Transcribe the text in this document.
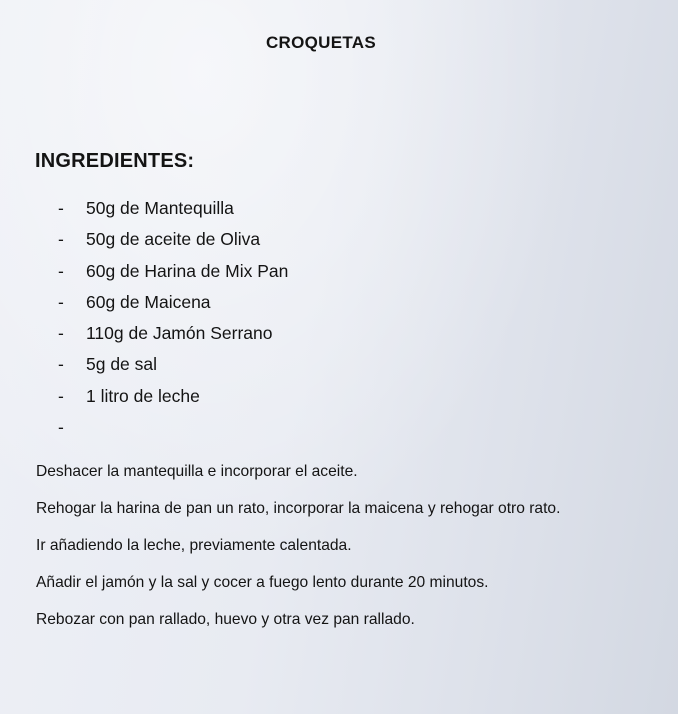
CROQUETAS
INGREDIENTES:
-	50g de Mantequilla
-	50g de aceite de Oliva
-	60g de Harina de Mix Pan
-	60g de Maicena
-	110g de Jamón Serrano
-	5g de sal
-	1 litro de leche
-

Deshacer la mantequilla e incorporar el aceite.

Rehogar la harina de pan un rato, incorporar la maicena y rehogar otro rato.

Ir añadiendo la leche, previamente calentada.

Añadir el jamón y la sal y cocer a fuego lento durante 20 minutos.

Rebozar con pan rallado, huevo y otra vez pan rallado.
